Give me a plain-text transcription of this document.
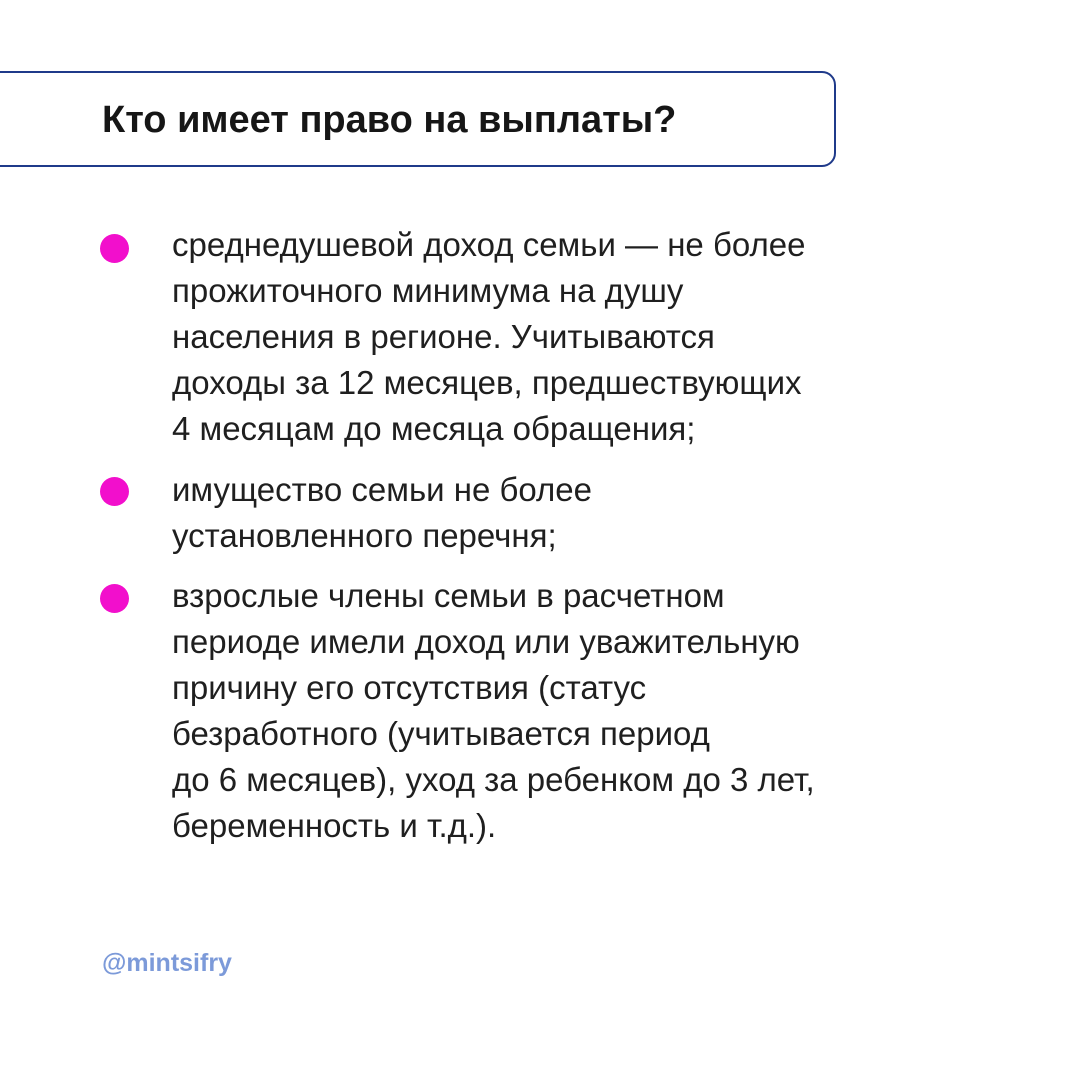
Кто имеет право на выплаты?
среднедушевой доход семьи — не более
прожиточного минимума на душу
населения в регионе. Учитываются
доходы за 12 месяцев, предшествующих
4 месяцам до месяца обращения;
имущество семьи не более
установленного перечня;
взрослые члены семьи в расчетном
периоде имели доход или уважительную
причину его отсутствия (статус
безработного (учитывается период
до 6 месяцев), уход за ребенком до 3 лет,
беременность и т.д.).
@mintsifry
